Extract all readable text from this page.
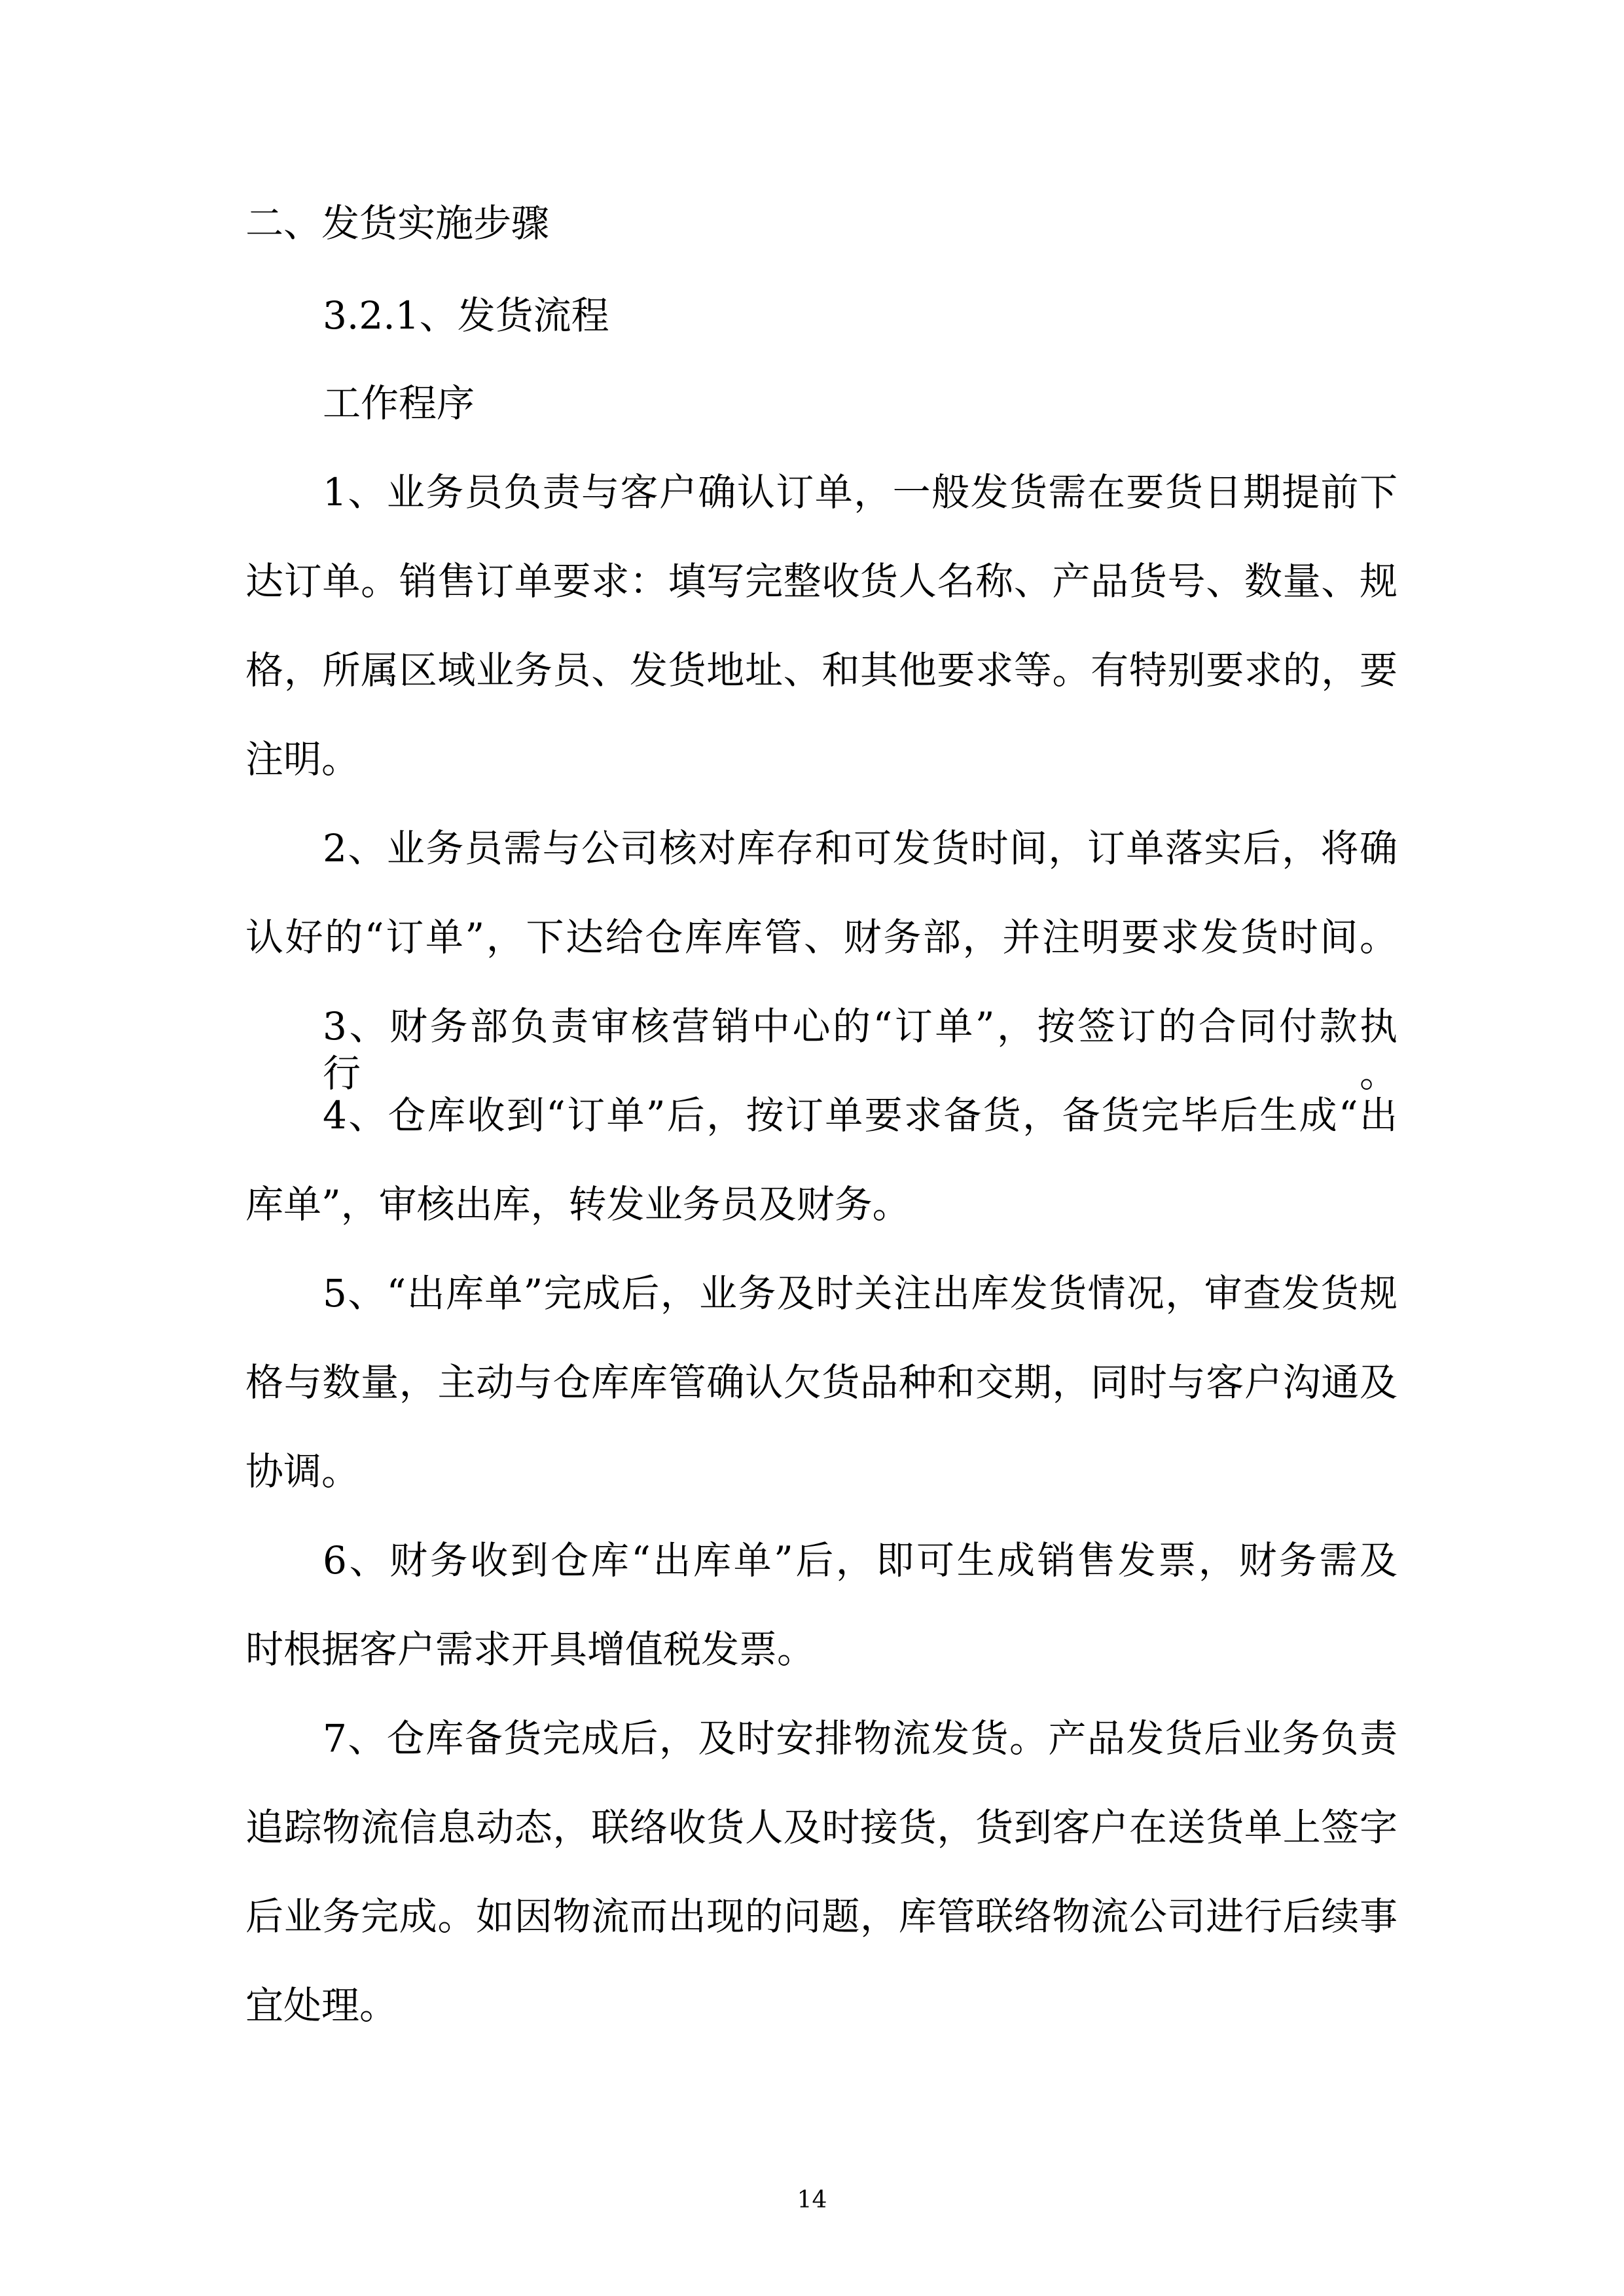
二、发货实施步骤
3.2.1、发货流程
工作程序
1、业务员负责与客户确认订单，一般发货需在要货日期提前下
达订单。销售订单要求：填写完整收货人名称、产品货号、数量、规
格，所属区域业务员、发货地址、和其他要求等。有特别要求的，要
注明。
2、业务员需与公司核对库存和可发货时间，订单落实后，将确
认好的“订单”，下达给仓库库管、财务部，并注明要求发货时间。
3、财务部负责审核营销中心的“订单”，按签订的合同付款执行。
4、仓库收到“订单”后，按订单要求备货，备货完毕后生成“出
库单”，审核出库，转发业务员及财务。
5、“出库单”完成后，业务及时关注出库发货情况，审查发货规
格与数量，主动与仓库库管确认欠货品种和交期，同时与客户沟通及
协调。
6、财务收到仓库“出库单”后，即可生成销售发票，财务需及
时根据客户需求开具增值税发票。
7、仓库备货完成后，及时安排物流发货。产品发货后业务负责
追踪物流信息动态，联络收货人及时接货，货到客户在送货单上签字
后业务完成。如因物流而出现的问题，库管联络物流公司进行后续事
宜处理。
14
